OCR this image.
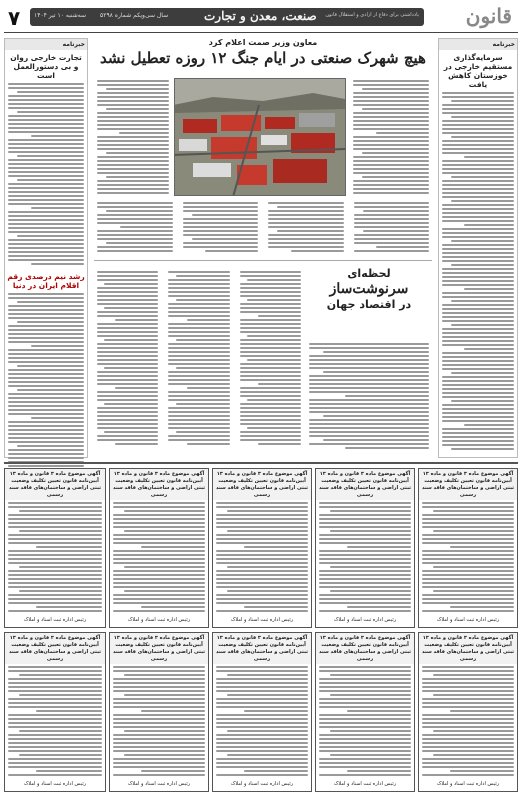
۷ سه‌شنبه ۱۰ تیر ۱۴۰۴ سال سی‌ویکم شماره ۵۲۹۸	صنعت، معدن و تجارت	یادداشتی برای دفاع از آزادی و استقلال قانون قانون
خبرنامه
سرمایه‌گذاری مستقیم خارجی در خوزستان کاهش یافت
خبرنامه
تجارت خارجی روان و بی دستورالعمل است
رشد نیم درصدی رقم اقلام ایران در دنیا
معاون وزیر صمت اعلام کرد
هیچ شهرک صنعتی در ایام جنگ ۱۲ روزه تعطیل نشد
لحظه‌ای
سرنوشت‌ساز
در اقتصاد جهان
آگهی موضوع ماده ۳ قانون و ماده ۱۳ آیین‌نامه قانون تعیین تکلیف وضعیت ثبتی اراضی و ساختمان‌های فاقد سند رسمی
رئیس اداره ثبت اسناد و املاک
آگهی موضوع ماده ۳ قانون و ماده ۱۳ آیین‌نامه قانون تعیین تکلیف وضعیت ثبتی اراضی و ساختمان‌های فاقد سند رسمی
رئیس اداره ثبت اسناد و املاک
آگهی موضوع ماده ۳ قانون و ماده ۱۳ آیین‌نامه قانون تعیین تکلیف وضعیت ثبتی اراضی و ساختمان‌های فاقد سند رسمی
رئیس اداره ثبت اسناد و املاک
آگهی موضوع ماده ۳ قانون و ماده ۱۳ آیین‌نامه قانون تعیین تکلیف وضعیت ثبتی اراضی و ساختمان‌های فاقد سند رسمی
رئیس اداره ثبت اسناد و املاک
آگهی موضوع ماده ۳ قانون و ماده ۱۳ آیین‌نامه قانون تعیین تکلیف وضعیت ثبتی اراضی و ساختمان‌های فاقد سند رسمی
رئیس اداره ثبت اسناد و املاک
آگهی موضوع ماده ۳ قانون و ماده ۱۳ آیین‌نامه قانون تعیین تکلیف وضعیت ثبتی اراضی و ساختمان‌های فاقد سند رسمی
رئیس اداره ثبت اسناد و املاک
آگهی موضوع ماده ۳ قانون و ماده ۱۳ آیین‌نامه قانون تعیین تکلیف وضعیت ثبتی اراضی و ساختمان‌های فاقد سند رسمی
رئیس اداره ثبت اسناد و املاک
آگهی موضوع ماده ۳ قانون و ماده ۱۳ آیین‌نامه قانون تعیین تکلیف وضعیت ثبتی اراضی و ساختمان‌های فاقد سند رسمی
رئیس اداره ثبت اسناد و املاک
آگهی موضوع ماده ۳ قانون و ماده ۱۳ آیین‌نامه قانون تعیین تکلیف وضعیت ثبتی اراضی و ساختمان‌های فاقد سند رسمی
رئیس اداره ثبت اسناد و املاک
آگهی موضوع ماده ۳ قانون و ماده ۱۳ آیین‌نامه قانون تعیین تکلیف وضعیت ثبتی اراضی و ساختمان‌های فاقد سند رسمی
رئیس اداره ثبت اسناد و املاک
